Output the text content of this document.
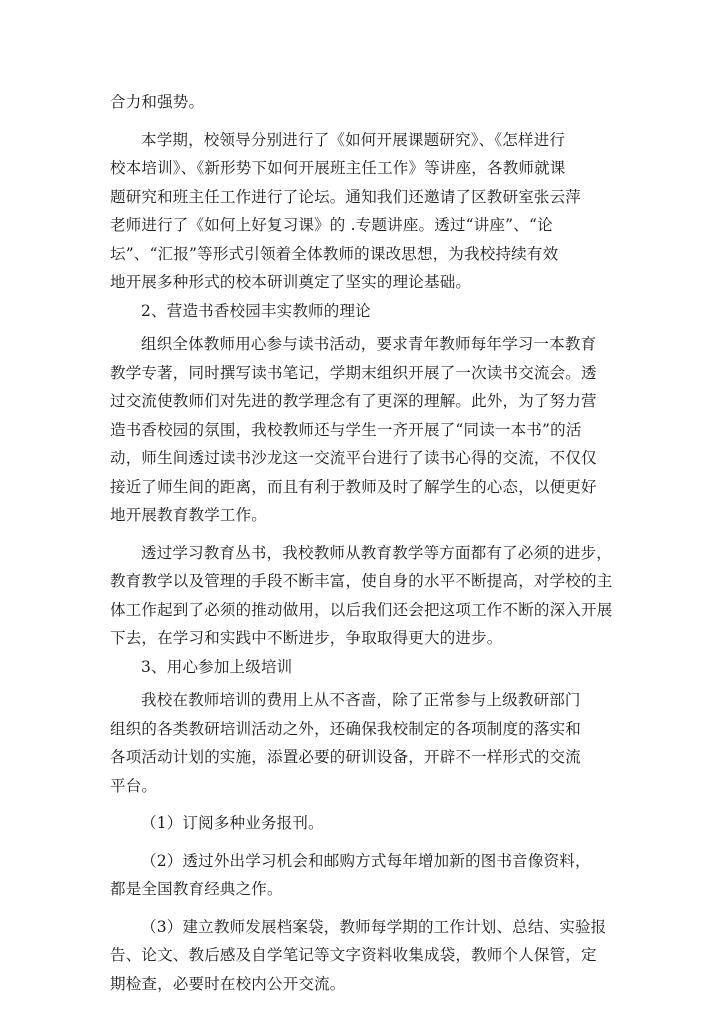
合力和强势。
本学期，校领导分别进行了《如何开展课题研究》、《怎样进行
校本培训》、《新形势下如何开展班主任工作》等讲座，各教师就课
题研究和班主任工作进行了论坛。通知我们还邀请了区教研室张云萍
老师进行了《如何上好复习课》的 .专题讲座。透过“讲座”、“论
坛”、“汇报”等形式引领着全体教师的课改思想，为我校持续有效
地开展多种形式的校本研训奠定了坚实的理论基础。
2、营造书香校园丰实教师的理论
组织全体教师用心参与读书活动，要求青年教师每年学习一本教育
教学专著，同时撰写读书笔记，学期末组织开展了一次读书交流会。透
过交流使教师们对先进的教学理念有了更深的理解。此外，为了努力营
造书香校园的氛围，我校教师还与学生一齐开展了“同读一本书”的活
动，师生间透过读书沙龙这一交流平台进行了读书心得的交流，不仅仅
接近了师生间的距离，而且有利于教师及时了解学生的心态，以便更好
地开展教育教学工作。
透过学习教育丛书，我校教师从教育教学等方面都有了必须的进步，
教育教学以及管理的手段不断丰富，使自身的水平不断提高，对学校的主
体工作起到了必须的推动做用，以后我们还会把这项工作不断的深入开展
下去，在学习和实践中不断进步，争取取得更大的进步。
3、用心参加上级培训
我校在教师培训的费用上从不吝啬，除了正常参与上级教研部门
组织的各类教研培训活动之外，还确保我校制定的各项制度的落实和
各项活动计划的实施，添置必要的研训设备，开辟不一样形式的交流
平台。
（1）订阅多种业务报刊。
（2）透过外出学习机会和邮购方式每年增加新的图书音像资料，
都是全国教育经典之作。
（3）建立教师发展档案袋，教师每学期的工作计划、总结、实验报
告、论文、教后感及自学笔记等文字资料收集成袋，教师个人保管，定
期检查，必要时在校内公开交流。
